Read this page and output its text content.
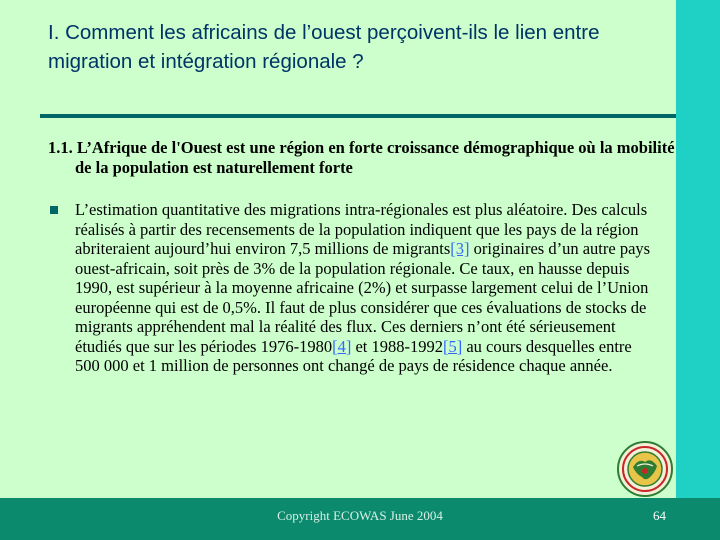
I. Comment les africains de l’ouest perçoivent-ils le lien entre migration et intégration régionale ?
1.1. L’Afrique de l'Ouest est une région en forte croissance démographique où la mobilité de la population est naturellement forte
L’estimation quantitative des migrations intra-régionales est plus aléatoire. Des calculs réalisés à partir des recensements de la population indiquent que les pays de la région abriteraient aujourd’hui environ 7,5 millions de migrants[3] originaires d’un autre pays ouest-africain, soit près de 3% de la population régionale. Ce taux, en hausse depuis 1990, est supérieur à la moyenne africaine (2%) et surpasse largement celui de l’Union européenne qui est de 0,5%. Il faut de plus considérer que ces évaluations de stocks de migrants appréhendent mal la réalité des flux. Ces derniers n’ont été sérieusement étudiés que sur les périodes 1976-1980[4] et 1988-1992[5] au cours desquelles entre 500 000 et 1 million de personnes ont changé de pays de résidence chaque année.
Copyright ECOWAS June 2004	64
